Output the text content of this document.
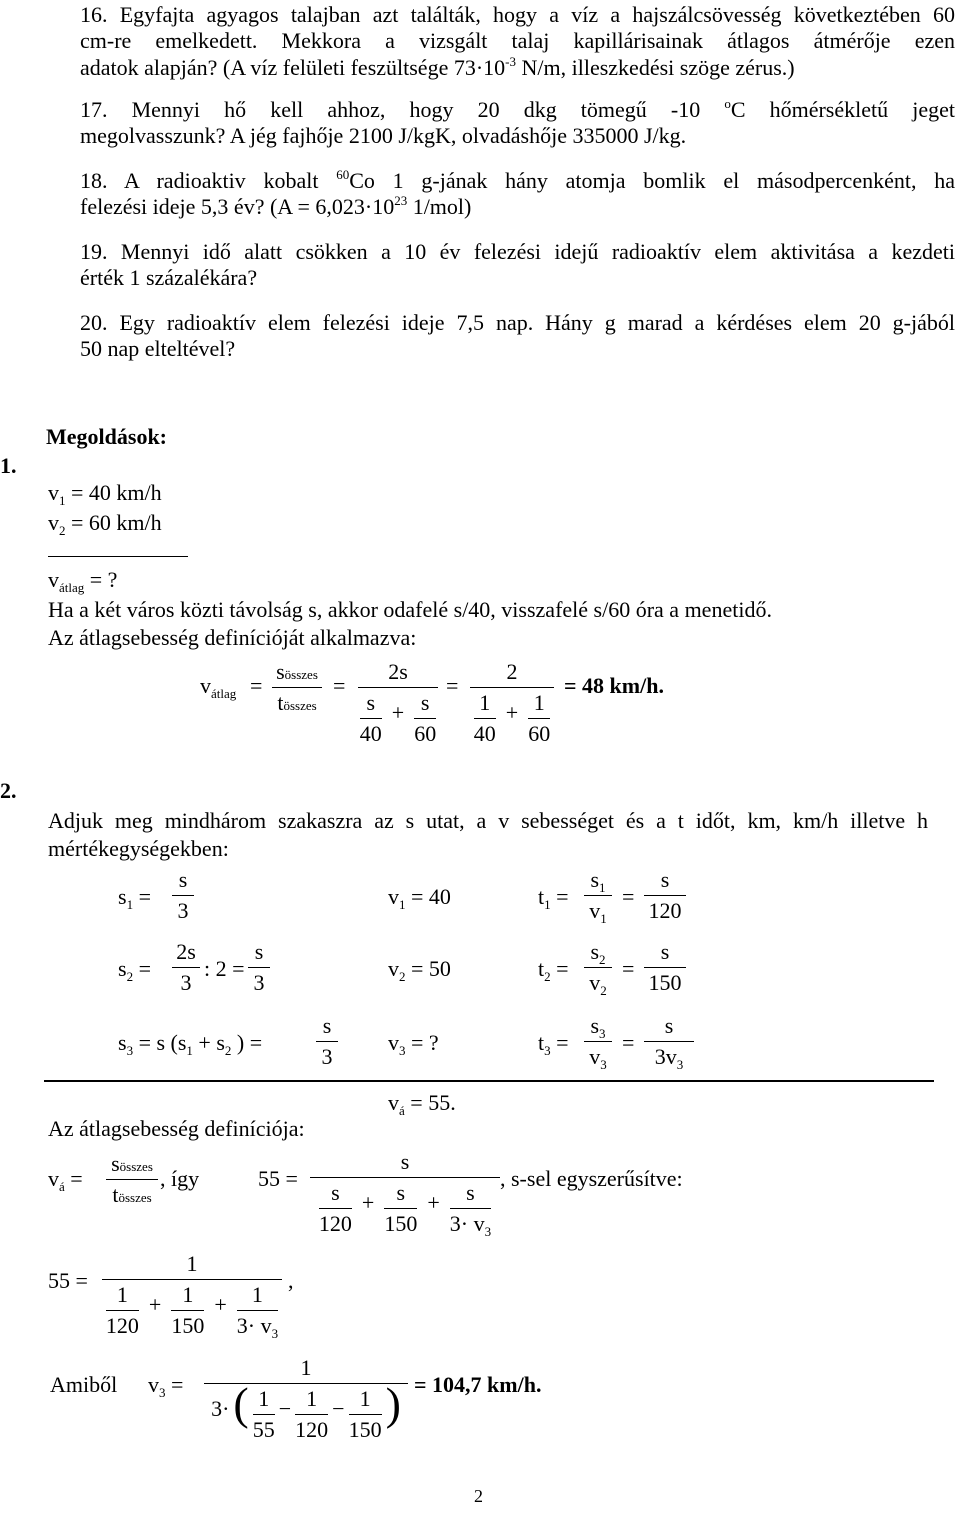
16. Egyfajta agyagos talajban azt találták, hogy a víz a hajszálcsövesség következtében 60
cm-re emelkedett. Mekkora a vizsgált talaj kapillárisainak átlagos átmérője ezen
adatok alapján? (A víz felületi feszültsége $73\cdot 10^{-3}$ N/m, illeszkedési szöge zérus.)
17. Mennyi hő kell ahhoz, hogy 20 dkg tömegű -10 $^o$C hőmérsékletű jeget
megolvasszunk? A jég fajhője 2100 J/kgK, olvadáshője 335000 J/kg.
18. A radioaktiv kobalt $^{60}$Co 1 g-jának hány atomja bomlik el másodpercenként, ha
felezési ideje 5,3 év? ($A = 6,023\cdot 10^{23}$ 1/mol)
19. Mennyi idő alatt csökken a 10 év felezési idejű radioaktív elem aktivitása a kezdeti
érték 1 százalékára?
20. Egy radioaktív elem felezési ideje 7,5 nap. Hány g marad a kérdéses elem 20 g-jából
50 nap elteltével?
Megoldások:
1.
$v_1 = 40$ km/h
$v_2 = 60$ km/h
$v_{átlag}$ = ?
Ha a két város közti távolság s, akkor odafelé s/40, visszafelé s/60 óra a menetidő.
Az átlagsebesség definícióját alkalmazva:
$v_{átlag}$ =
sösszes
tösszes
=
2s
$\frac{s}{40} + \frac{s}{60}$
=
2
$\frac{1}{40} + \frac{1}{60}$
= 48 km/h.
2.
Adjuk meg mindhárom szakaszra az s utat, a v sebességet és a t időt, km, km/h illetve h
mértékegységekben:
$s_1$ =
s
3
$v_1 = 40$	$t_1$ =
$s_1$
$v_1$
=
s
120
$s_2$ =
2s
3
: 2 =
s
3
$v_2 = 50$	$t_2$ =
$s_2$
$v_2$
=
s
150
$s_3 = s$ ($s_1 + s_2$ ) =
s
3
$v_3$ = ?	$t_3$ =
$s_3$
$v_3$
=
s
$3v_3$
$v_á = 55$.
Az átlagsebesség definíciója:
$v_á$ =
sösszes
tösszes
, így	55 =
s
$\frac{s}{120} + \frac{s}{150} + \frac{s}{3\cdot v_3}$
, s-sel egyszerűsítve:
55 =
1
$\frac{1}{120} + \frac{1}{150} + \frac{1}{3\cdot v_3}$
,
Amiből $v_3$ =
1
3· ( $\frac{1}{55} - \frac{1}{120} - \frac{1}{150}$ ) = 104,7 km/h.
2
